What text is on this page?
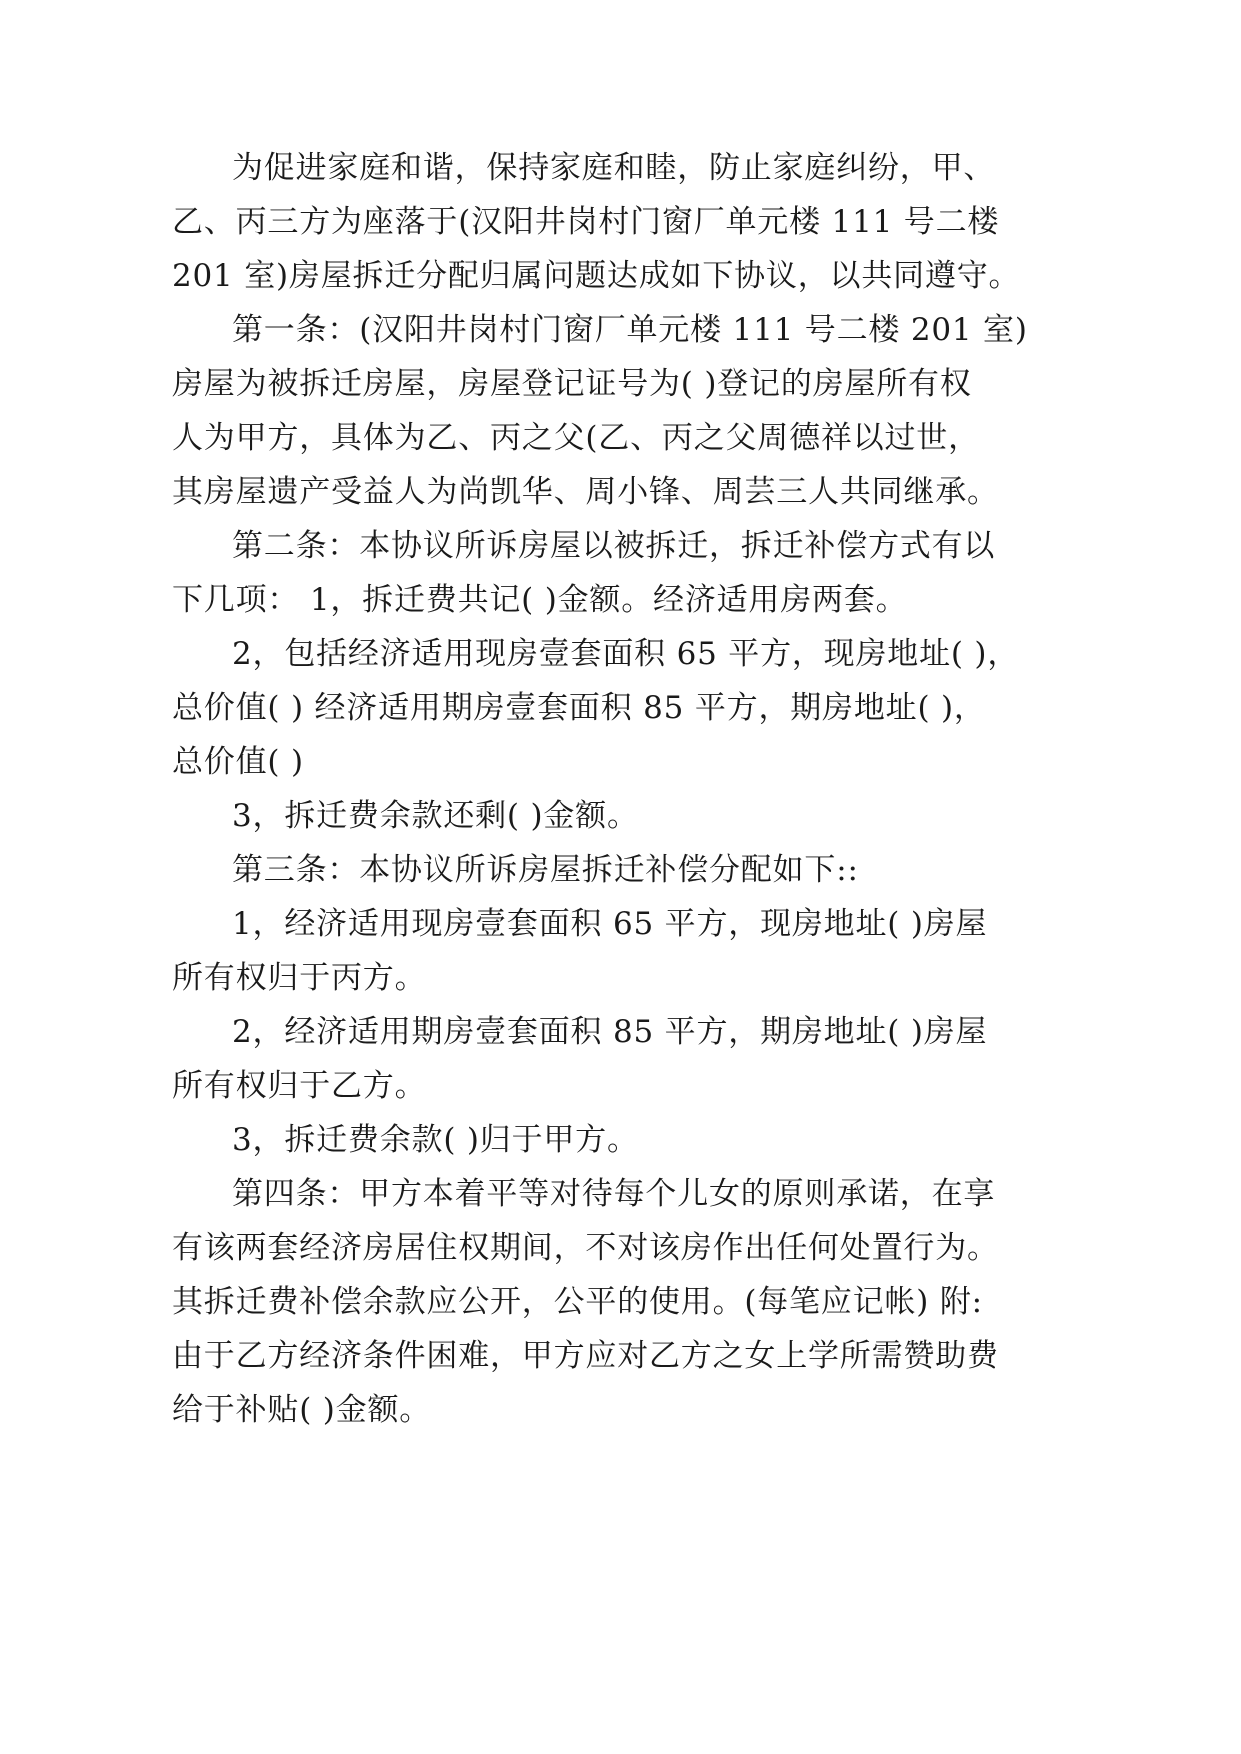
为促进家庭和谐，保持家庭和睦，防止家庭纠纷，甲、
乙、丙三方为座落于(汉阳井岗村门窗厂单元楼 111 号二楼
201 室)房屋拆迁分配归属问题达成如下协议，以共同遵守。
第一条：(汉阳井岗村门窗厂单元楼 111 号二楼 201 室)
房屋为被拆迁房屋，房屋登记证号为( )登记的房屋所有权
人为甲方，具体为乙、丙之父(乙、丙之父周德祥以过世，
其房屋遗产受益人为尚凯华、周小锋、周芸三人共同继承。
第二条：本协议所诉房屋以被拆迁，拆迁补偿方式有以
下几项： 1，拆迁费共记( )金额。经济适用房两套。
2，包括经济适用现房壹套面积 65 平方，现房地址( )，
总价值( ) 经济适用期房壹套面积 85 平方，期房地址( )，
总价值( )
3，拆迁费余款还剩( )金额。
第三条：本协议所诉房屋拆迁补偿分配如下::
1，经济适用现房壹套面积 65 平方，现房地址( )房屋
所有权归于丙方。
2，经济适用期房壹套面积 85 平方，期房地址( )房屋
所有权归于乙方。
3，拆迁费余款( )归于甲方。
第四条：甲方本着平等对待每个儿女的原则承诺，在享
有该两套经济房居住权期间，不对该房作出任何处置行为。
其拆迁费补偿余款应公开，公平的使用。(每笔应记帐) 附:
由于乙方经济条件困难，甲方应对乙方之女上学所需赞助费
给于补贴( )金额。
